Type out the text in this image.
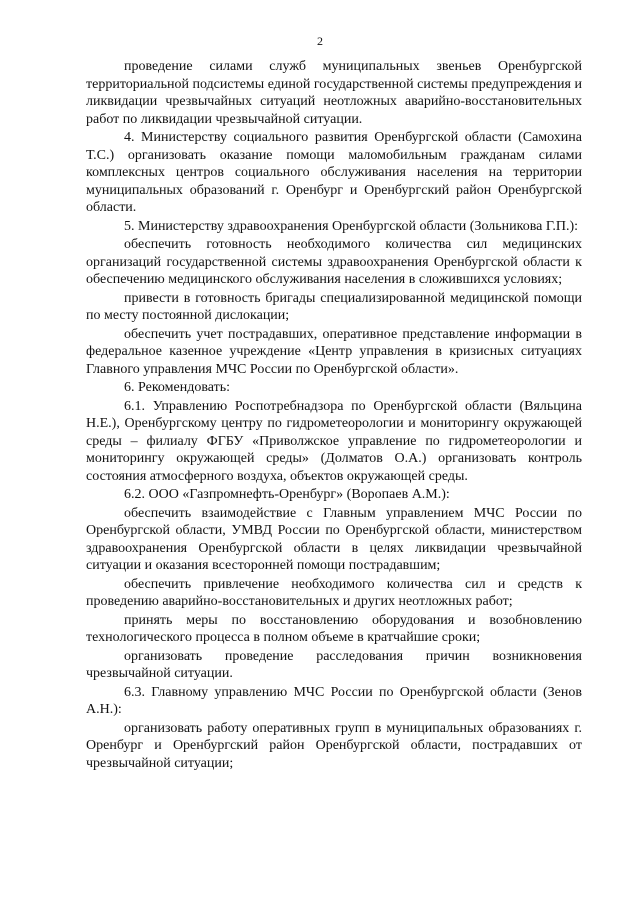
2

проведение силами служб муниципальных звеньев Оренбургской территориальной подсистемы единой государственной системы предупреждения и ликвидации чрезвычайных ситуаций неотложных аварийно-восстановительных работ по ликвидации чрезвычайной ситуации.

4. Министерству социального развития Оренбургской области (Самохина Т.С.) организовать оказание помощи маломобильным гражданам силами комплексных центров социального обслуживания населения на территории муниципальных образований г. Оренбург и Оренбургский район Оренбургской области.

5. Министерству здравоохранения Оренбургской области (Зольникова Г.П.):

обеспечить готовность необходимого количества сил медицинских организаций государственной системы здравоохранения Оренбургской области к обеспечению медицинского обслуживания населения в сложившихся условиях;

привести в готовность бригады специализированной медицинской помощи по месту постоянной дислокации;

обеспечить учет пострадавших, оперативное представление информации в федеральное казенное учреждение «Центр управления в кризисных ситуациях Главного управления МЧС России по Оренбургской области».

6. Рекомендовать:

6.1. Управлению Роспотребнадзора по Оренбургской области (Вяльцина Н.Е.), Оренбургскому центру по гидрометеорологии и мониторингу окружающей среды – филиалу ФГБУ «Приволжское управление по гидрометеорологии и мониторингу окружающей среды» (Долматов О.А.) организовать контроль состояния атмосферного воздуха, объектов окружающей среды.

6.2. ООО «Газпромнефть-Оренбург» (Воропаев А.М.):

обеспечить взаимодействие с Главным управлением МЧС России по Оренбургской области, УМВД России по Оренбургской области, министерством здравоохранения Оренбургской области в целях ликвидации чрезвычайной ситуации и оказания всесторонней помощи пострадавшим;

обеспечить привлечение необходимого количества сил и средств к проведению аварийно-восстановительных и других неотложных работ;

принять меры по восстановлению оборудования и возобновлению технологического процесса в полном объеме в кратчайшие сроки;

организовать проведение расследования причин возникновения чрезвычайной ситуации.

6.3. Главному управлению МЧС России по Оренбургской области (Зенов А.Н.):

организовать работу оперативных групп в муниципальных образованиях г. Оренбург и Оренбургский район Оренбургской области, пострадавших от чрезвычайной ситуации;
